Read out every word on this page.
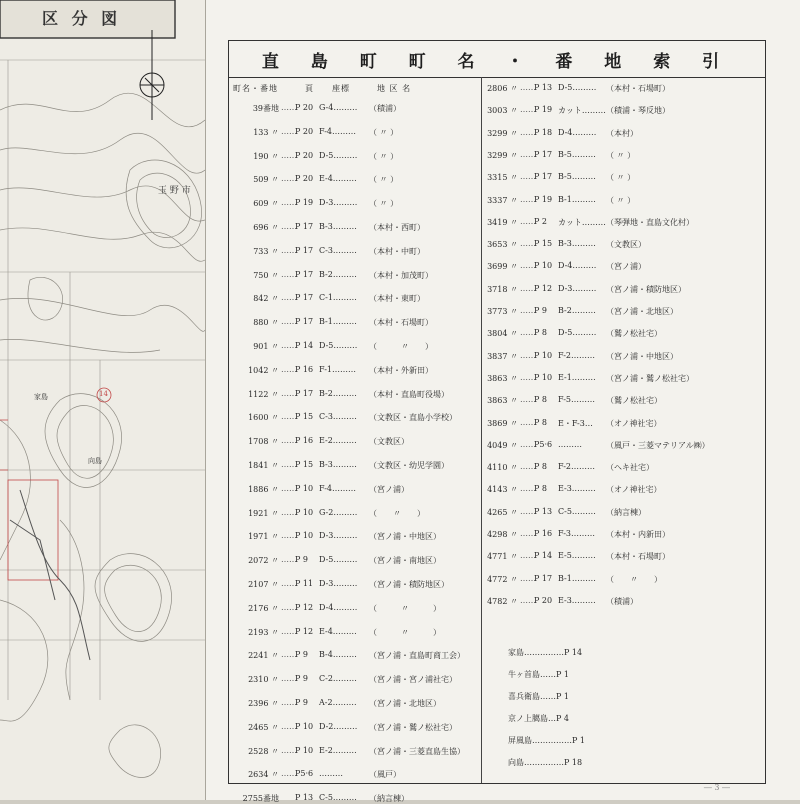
区 分 図
玉 野 市
家島
向島
14
直 島 町 町 名 ・ 番 地 索 引
町名・番地　　　頁　　座標　　　地 区 名
39番地 ……
P 20 G-4……… （積浦）
133 〃 ……
P 20 F-4……… （ 〃 ）
190 〃 ……
P 20 D-5……… （ 〃 ）
509 〃 ……
P 20 E-4……… （ 〃 ）
609 〃 ……
P 19 D-3……… （ 〃 ）
696 〃 ……
P 17 B-3……… （本村・西町）
733 〃 ……
P 17 C-3……… （本村・中町）
750 〃 ……
P 17 B-2……… （本村・加茂町）
842 〃 ……
P 17 C-1……… （本村・東町）
880 〃 ……
P 17 B-1……… （本村・石場町）
901 〃 ……
P 14 D-5……… （　　　〃　　）
1042 〃 ……
P 16 F-1……… （本村・外新田）
1122 〃 ……
P 17 B-2……… （本村・直島町役場）
1600 〃 ……
P 15 C-3……… （文教区・直島小学校）
1708 〃 ……
P 16 E-2……… （文教区）
1841 〃 ……
P 15 B-3……… （文教区・幼児学園）
1886 〃 ……
P 10 F-4……… （宮ノ浦）
1921 〃 ……
P 10 G-2……… （　　〃　　）
1971 〃 ……
P 10 D-3……… （宮ノ浦・中地区）
2072 〃 ……
P 9 D-5……… （宮ノ浦・南地区）
2107 〃 ……
P 11 D-3……… （宮ノ浦・積防地区）
2176 〃 ……
P 12 D-4……… （　　　〃　　　）
2193 〃 ……
P 12 E-4……… （　　　〃　　　）
2241 〃 ……
P 9 B-4……… （宮ノ浦・直島町商工会）
2310 〃 ……
P 9 C-2……… （宮ノ浦・宮ノ浦社宅）
2396 〃 ……
P 9 A-2……… （宮ノ浦・北地区）
2465 〃 ……
P 10 D-2……… （宮ノ浦・鷲ノ松社宅）
2528 〃 ……
P 10 E-2……… （宮ノ浦・三菱直島生協）
2634 〃 ……
P5·6 ………	（風戸）
2755番地 P 13 C-5……… （納言棟）
2806 〃 ……
P 13 D-5……… （本村・石場町）
3003 〃 ……
P 19 カット……… （積浦・琴反地）
3299 〃 ……
P 18 D-4……… （本村）
3299 〃 ……
P 17 B-5……… （ 〃 ）
3315 〃 ……
P 17 B-5……… （ 〃 ）
3337 〃 ……
P 19 B-1……… （ 〃 ）
3419 〃 ……
P 2 カット……… （琴弾地・直島文化村）
3653 〃 ……
P 15 B-3……… （文教区）
3699 〃 ……
P 10 D-4……… （宮ノ浦）
3718 〃 ……
P 12 D-3……… （宮ノ浦・積防地区）
3773 〃 ……
P 9 B-2……… （宮ノ浦・北地区）
3804 〃 ……
P 8 D-5……… （鷲ノ松社宅）
3837 〃 ……
P 10 F-2……… （宮ノ浦・中地区）
3863 〃 ……
P 10 E-1……… （宮ノ浦・鷲ノ松社宅）
3863 〃 ……
P 8 F-5……… （鷲ノ松社宅）
3869 〃 ……
P 8 E・F-3… （オノ神社宅）
4049 〃 ……
P5·6 ………	（風戸・三菱マテリアル㈱）
4110 〃 ……
P 8 F-2……… （ヘキ社宅）
4143 〃 ……
P 8 E-3……… （オノ神社宅）
4265 〃 ……
P 13 C-5……… （納言棟）
4298 〃 ……
P 16 F-3……… （本村・内新田）
4771 〃 ……
P 14 E-5……… （本村・石場町）
4772 〃 ……
P 17 B-1……… （　　〃　　）
4782 〃 ……
P 20 E-3……… （積浦）
家島……………P 14
牛ヶ首島……P 1
喜兵衛島……P 1
京ノ上臈島…P 4
屏風島……………P 1
向島……………P 18
― 3 ―
